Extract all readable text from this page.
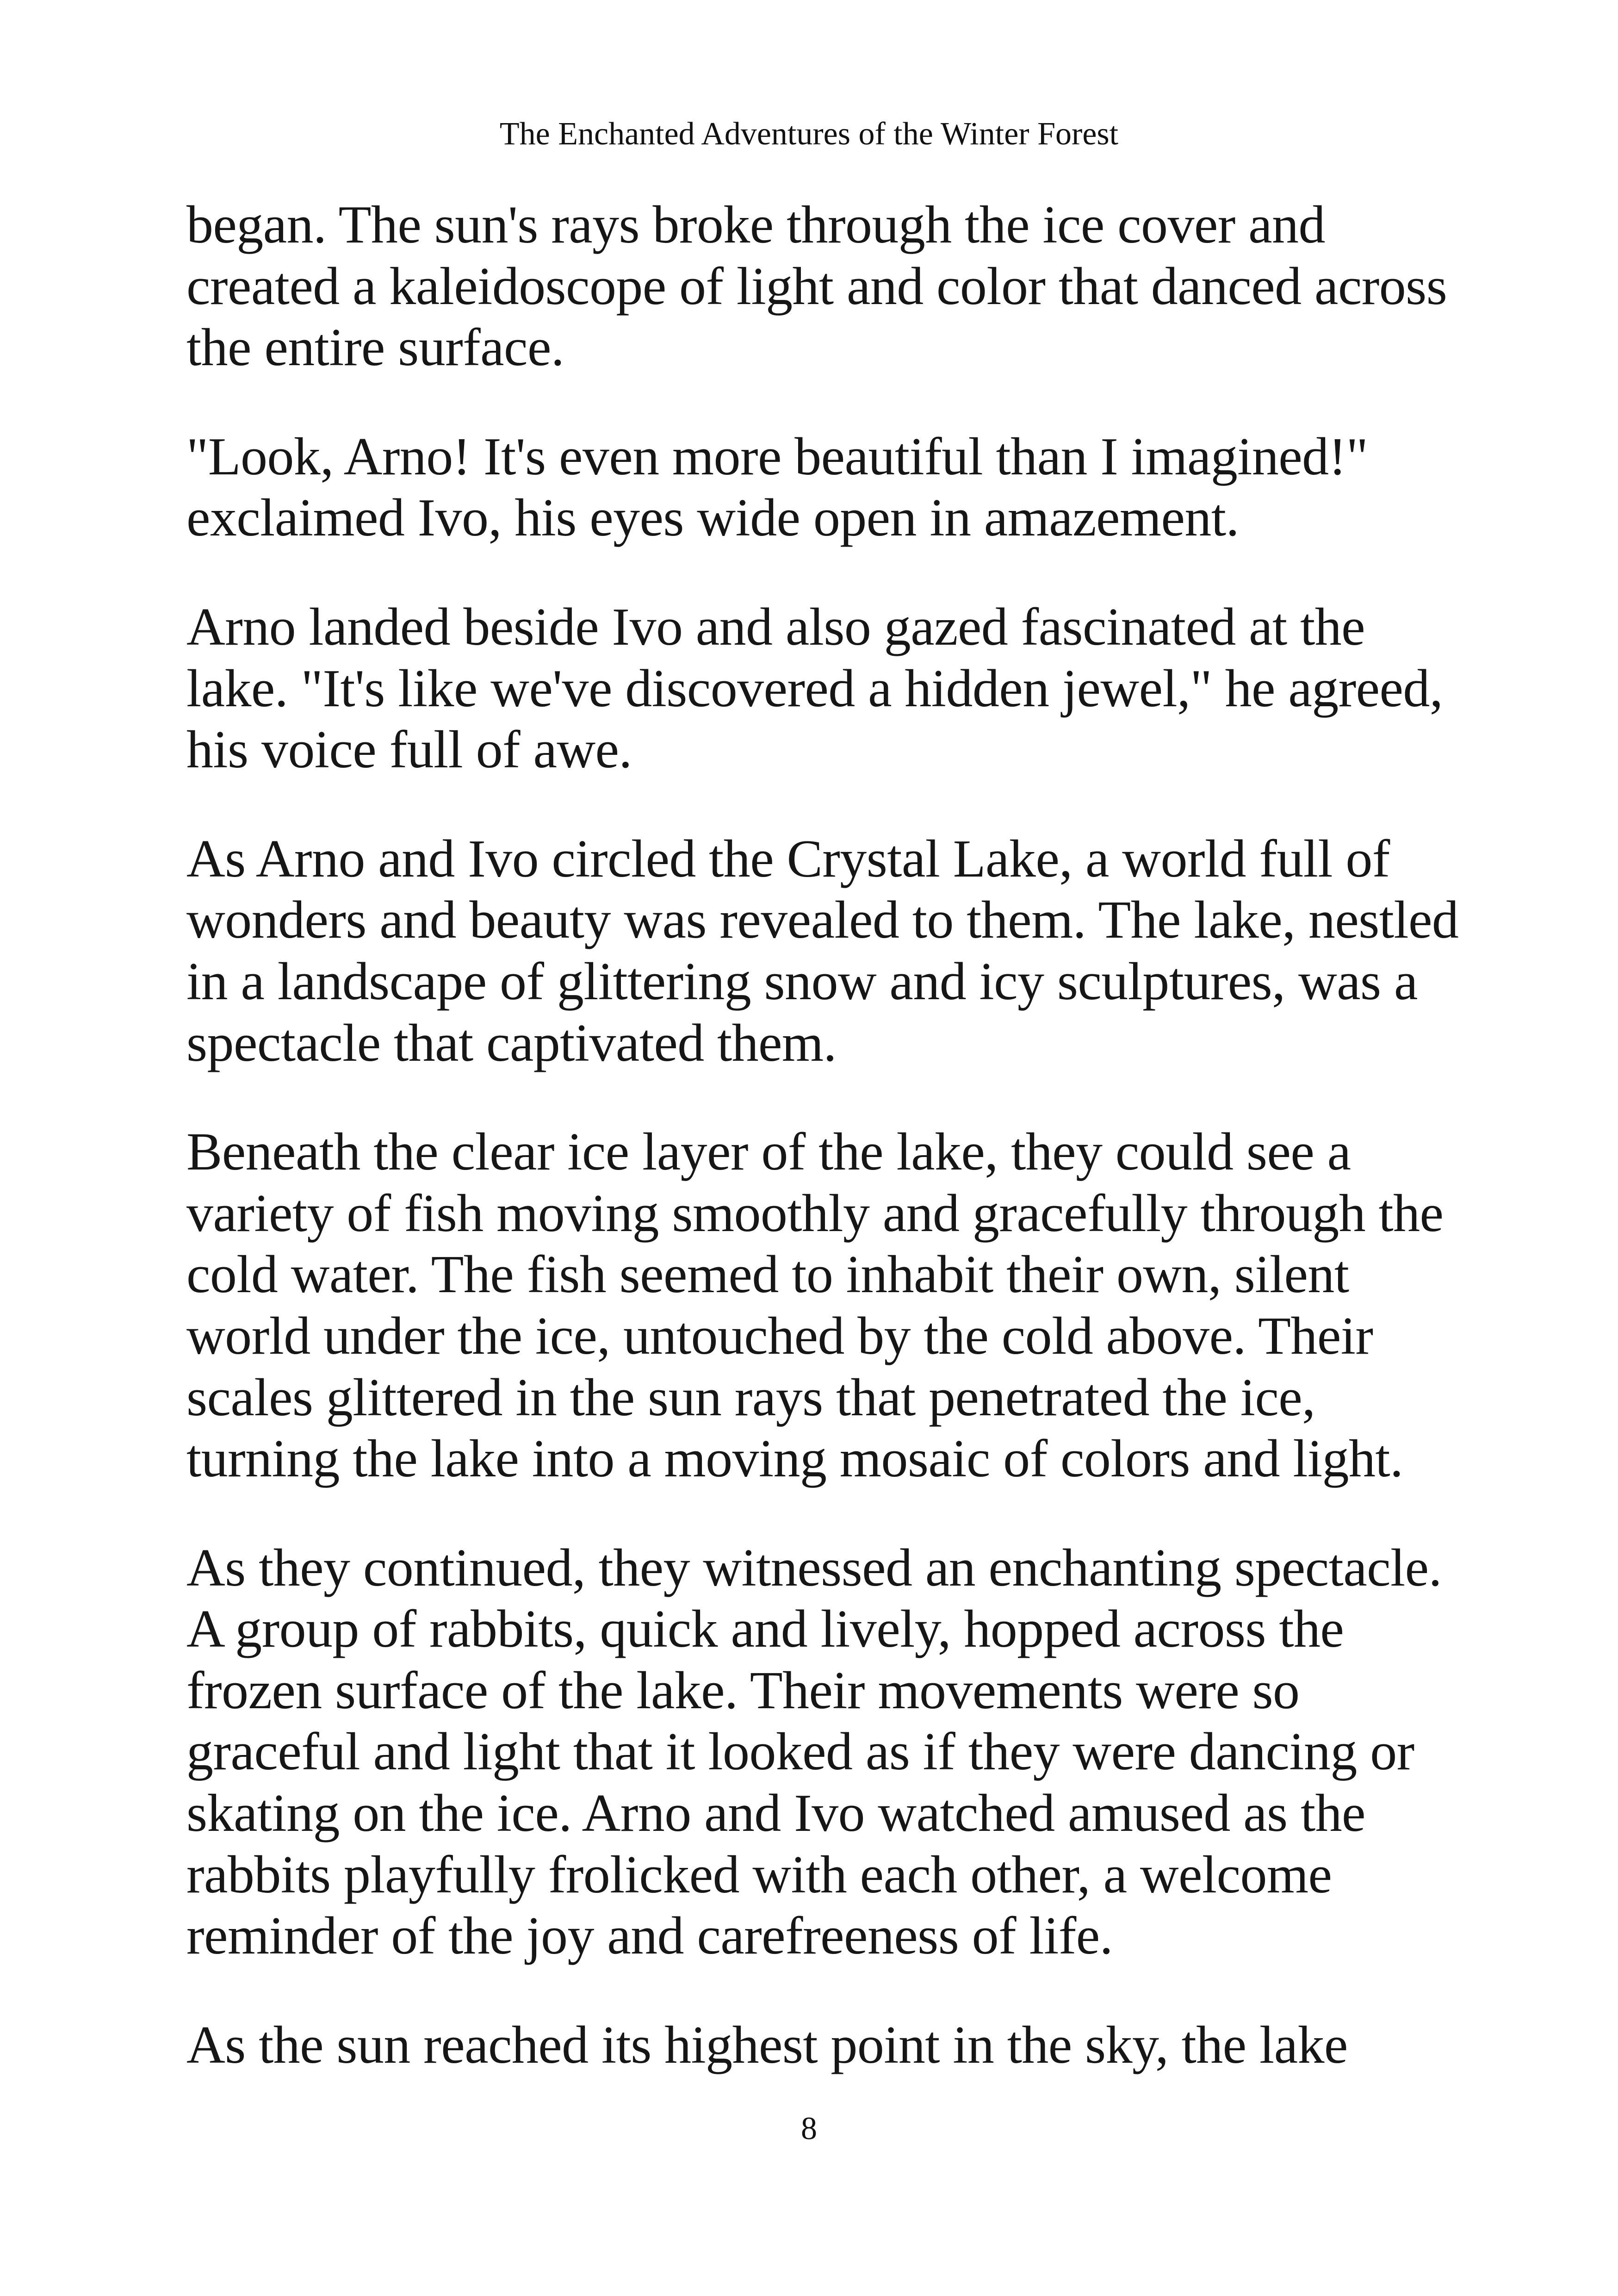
The Enchanted Adventures of the Winter Forest

began. The sun's rays broke through the ice cover and
created a kaleidoscope of light and color that danced across
the entire surface.

"Look, Arno! It's even more beautiful than I imagined!"
exclaimed Ivo, his eyes wide open in amazement.

Arno landed beside Ivo and also gazed fascinated at the
lake. "It's like we've discovered a hidden jewel," he agreed,
his voice full of awe.

As Arno and Ivo circled the Crystal Lake, a world full of
wonders and beauty was revealed to them. The lake, nestled
in a landscape of glittering snow and icy sculptures, was a
spectacle that captivated them.

Beneath the clear ice layer of the lake, they could see a
variety of fish moving smoothly and gracefully through the
cold water. The fish seemed to inhabit their own, silent
world under the ice, untouched by the cold above. Their
scales glittered in the sun rays that penetrated the ice,
turning the lake into a moving mosaic of colors and light.

As they continued, they witnessed an enchanting spectacle.
A group of rabbits, quick and lively, hopped across the
frozen surface of the lake. Their movements were so
graceful and light that it looked as if they were dancing or
skating on the ice. Arno and Ivo watched amused as the
rabbits playfully frolicked with each other, a welcome
reminder of the joy and carefreeness of life.

As the sun reached its highest point in the sky, the lake

8
